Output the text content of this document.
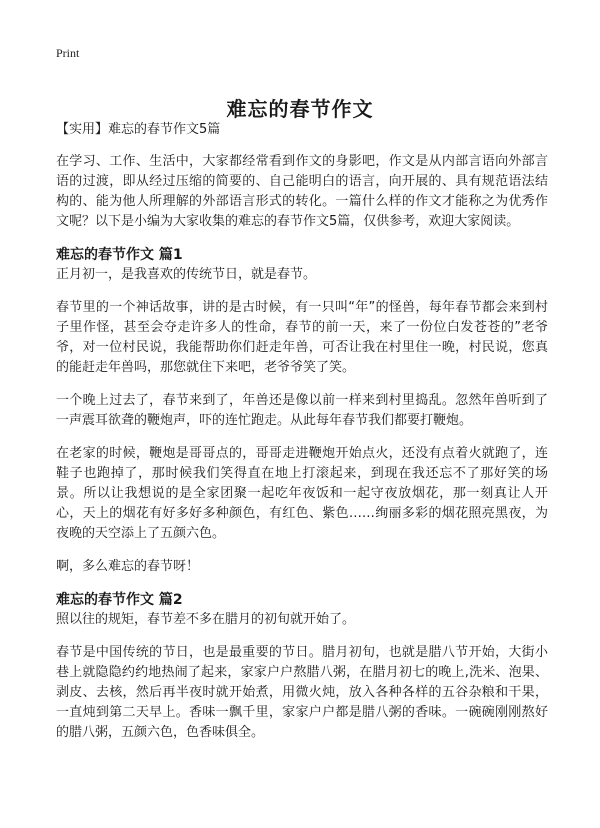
Print
难忘的春节作文

【实用】难忘的春节作文5篇

在学习、工作、生活中，大家都经常看到作文的身影吧，作文是从内部言语向外部言语的过渡，即从经过压缩的简要的、自己能明白的语言，向开展的、具有规范语法结构的、能为他人所理解的外部语言形式的转化。一篇什么样的作文才能称之为优秀作文呢？以下是小编为大家收集的难忘的春节作文5篇，仅供参考，欢迎大家阅读。

难忘的春节作文 篇1

正月初一，是我喜欢的传统节日，就是春节。

春节里的一个神话故事，讲的是古时候，有一只叫“年”的怪兽，每年春节都会来到村子里作怪，甚至会夺走许多人的性命，春节的前一天，来了一份位白发苍苍的”老爷爷，对一位村民说，我能帮助你们赶走年兽，可否让我在村里住一晚，村民说，您真的能赶走年兽吗，那您就住下来吧，老爷爷笑了笑。

一个晚上过去了，春节来到了，年兽还是像以前一样来到村里捣乱。忽然年兽听到了一声震耳欲聋的鞭炮声，吓的连忙跑走。从此每年春节我们都要打鞭炮。

在老家的时候，鞭炮是哥哥点的，哥哥走进鞭炮开始点火，还没有点着火就跑了，连鞋子也跑掉了，那时候我们笑得直在地上打滚起来，到现在我还忘不了那好笑的场景。所以让我想说的是全家团聚一起吃年夜饭和一起守夜放烟花，那一刻真让人开心，天上的烟花有好多好多种颜色，有红色、紫色……绚丽多彩的烟花照亮黑夜，为夜晚的天空添上了五颜六色。

啊，多么难忘的春节呀！

难忘的春节作文 篇2

照以往的规矩，春节差不多在腊月的初旬就开始了。

春节是中国传统的节日，也是最重要的节日。腊月初旬，也就是腊八节开始，大街小巷上就隐隐约约地热闹了起来，家家户户熬腊八粥，在腊月初七的晚上,洗米、泡果、剥皮、去核，然后再半夜时就开始煮，用微火炖，放入各种各样的五谷杂粮和干果，一直炖到第二天早上。香味一飘千里，家家户户都是腊八粥的香味。一碗碗刚刚熬好的腊八粥，五颜六色，色香味俱全。
